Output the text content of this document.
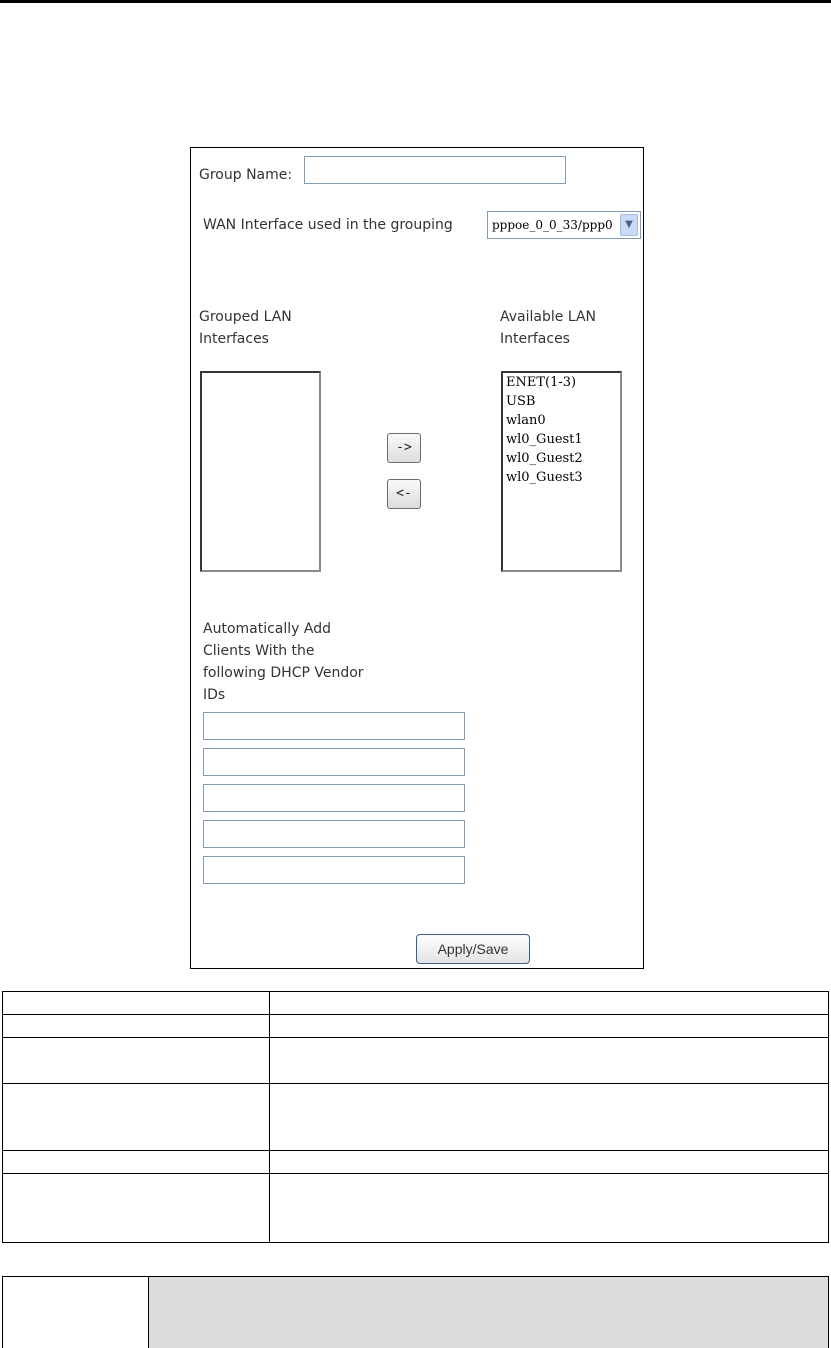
Group Name:
WAN Interface used in the grouping	pppoe_0_0_33/ppp0	▼
Grouped LAN
Interfaces
Available LAN
Interfaces
->
<-
ENET(1-3)
USB
wlan0
wl0_Guest1
wl0_Guest2
wl0_Guest3
Automatically Add
Clients With the
following DHCP Vendor
IDs
Apply/Save
